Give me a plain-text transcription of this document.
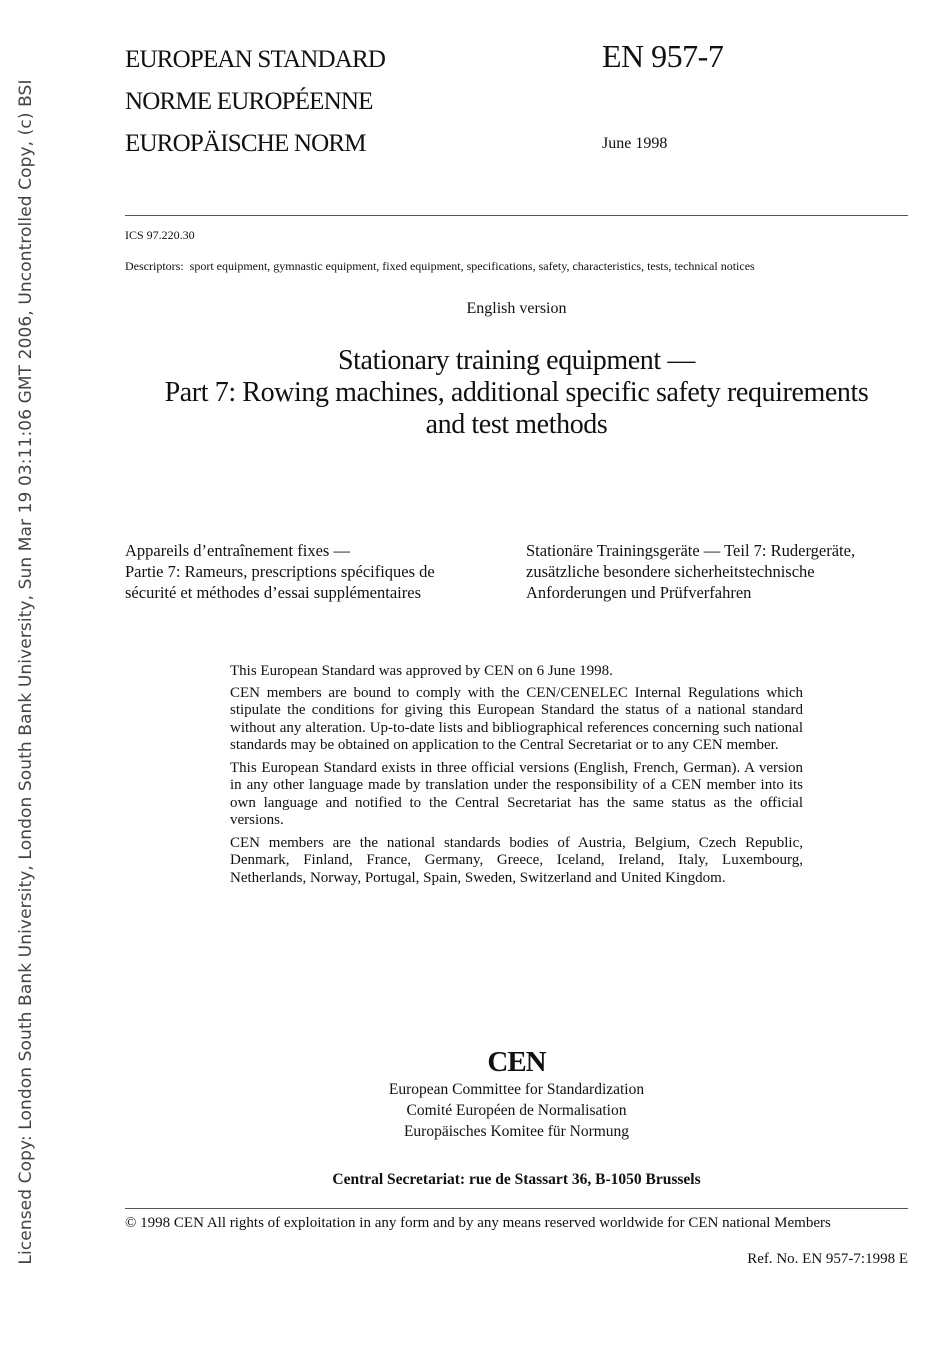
Licensed Copy: London South Bank University, London South Bank University, Sun Mar 19 03:11:06 GMT 2006, Uncontrolled Copy, (c) BSI
EUROPEAN STANDARD
NORME EUROPÉENNE
EUROPÄISCHE NORM
EN 957-7
June 1998
ICS 97.220.30
Descriptors: sport equipment, gymnastic equipment, fixed equipment, specifications, safety, characteristics, tests, technical notices
English version
Stationary training equipment —
Part 7: Rowing machines, additional specific safety requirements
and test methods
Appareils d’entraînement fixes —
Partie 7: Rameurs, prescriptions spécifiques de
sécurité et méthodes d’essai supplémentaires
Stationäre Trainingsgeräte — Teil 7: Rudergeräte,
zusätzliche besondere sicherheitstechnische
Anforderungen und Prüfverfahren

This European Standard was approved by CEN on 6 June 1998.

CEN members are bound to comply with the CEN/CENELEC Internal Regulations which stipulate the conditions for giving this European Standard the status of a national standard without any alteration. Up-to-date lists and bibliographical references concerning such national standards may be obtained on application to the Central Secretariat or to any CEN member.

This European Standard exists in three official versions (English, French, German). A version in any other language made by translation under the responsibility of a CEN member into its own language and notified to the Central Secretariat has the same status as the official versions.

CEN members are the national standards bodies of Austria, Belgium, Czech Republic, Denmark, Finland, France, Germany, Greece, Iceland, Ireland, Italy, Luxembourg, Netherlands, Norway, Portugal, Spain, Sweden, Switzerland and United Kingdom.

CEN
European Committee for Standardization
Comité Européen de Normalisation
Europäisches Komitee für Normung
Central Secretariat: rue de Stassart 36, B-1050 Brussels
© 1998 CEN All rights of exploitation in any form and by any means reserved worldwide for CEN national Members
Ref. No. EN 957-7:1998 E
